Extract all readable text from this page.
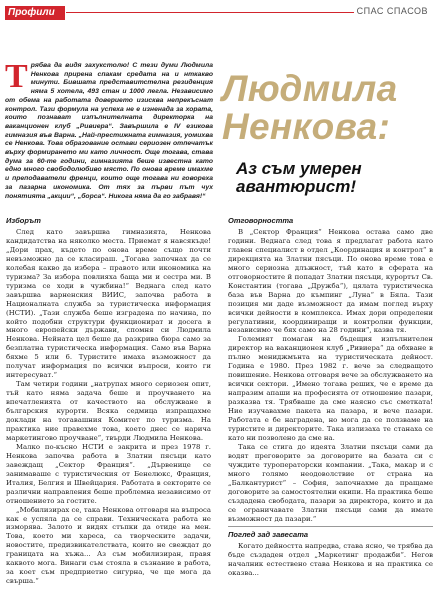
Профили	СПАС СПАСОВ
Трябва да видя захукстолю! С тези думи Людмила Ненкова прирена спакам средата на и нткакво минути. Бившата представитстелна резиденция няма 5 хотела, 493 стан и 1000 легла. Независимо от обема на работата доверието изисква непрекъснат контрол. Тази формула на успеха не е изненада за хората, които познават изпълнителната директорка на ваканционен клуб „Ривиера“. Завършила е IV езикова гимназия във Варна. „Най-престижната гимназия, уомихва се Ненкова. Това образование остави сериозен отпечатък върху формирането ми като личност. Още тогава, става дума за 60-те години, гимназията беше известна като едно много свободолюбиво място. По онова време имахме и преподаватели френци, които още тогава ни говореха за пазарна икономика. От тях за първи път чух понятията „акции“, „борса“. Никога няма да го забравя!“
Людмила Ненкова:
Аз съм умерен авантюрист!
Изборът

След като завършва гимназията, Ненкова кандидатства на няколко места. Приемат я навсякъде! „Дори прах, където по онова време също почти невъзможно да се класираш. „Тогава започнах да се колебая какво да избера – правото или икономика на туризма? За избора повлияха баща ми и сестра ми. В туризма се ходи в чужбина!“ Веднага след като завършва варненския ВИИС, започва работа в Националната служба за туристическа информация (НСТИ). „Тази служба беше изградена по начина, по който подобни структури функционират и досега в много европейски държави, спомня си Людмила Ненкова. Нейната цел беше да разкрива бюра само за безплатна туристическа информация. Само във Варна бяхме 5 или 6. Туристите имаха възможност да получат информация по всички въпроси, които ги интересуват.“

Там четири години „натрупах много сериозен опит, тъй като няма задача беше и проучването на впечатленията от качеството на обслужване в българския курорти. Всяка седмица изпращахме доклади на тогавашния Комитет по туризма. На практика ние правехме това, което днес се нарича маркетингово проучване“, твърди Людмила Ненкова.

Малко по-късно НСТИ е закрита и през 1978 г. Ненкова започва работа в Златни пясъци като завеждащ „Сектор Франция“. „Дървенице се занимаваше с туристическия от Бенелюкс, Франция, Италия, Белгия и Швейцария. Работата в секторите се различни направления беше проблемна независимо от отношението за гостите.

„Мобилизирах се, така Ненкова отговаря на въпроса как е успяла да се справи. Техническата работа не изморява. Залото и видях стъпки да отиде на мен. Това, което ми хареса, са творческите задачи, новостите, предизвикателствата, които не свеждат до границата на хъжа... Аз съм мобилизиран, правя каквото мога. Винаги съм стояла в съзнание в работа, за коет съм предприетно сигурна, че ще мога да свърша.“

Отговорността

В „Сектор Франция“ Ненкова остава само две години. Веднага след това я предлагат работа като главен специалист в отдел „Координация и контрол“ в дирекцията на Златни пясъци. По онова време това е много сериозна длъжност, тъй като в сферата на отговорностите й попадат Златни пясъци, курортът Св. Константин (тогава „Дружба“), цялата туристическа база във Варна до къмпинг „Луна“ в Бяла. Тази позиция ми даде възможност да имам поглед върху всички дейности в комплекса. Имах дори определени регулативни, координиращи и контролни функции, независимо че бях само на 28 години“, казва тя.

Големият помаган на бъдещия изпълнителен директор на ваканционен клуб „Ривиера“ да обхване в пълно мениджмънта на туристическата дейност. Година е 1980. През 1982 г. вече за следващото повишение. Ненкова отговаря вече за обслужването на всички сектори. „Имено тогава реших, че е време да напразим апаши на професията от отношение пазари, разказва тя. Трябваше да сме наясно със сметката! Ние изучавахме пакета на пазара, и вече пазари. Работата е бе наградена, но мога да се ползваме на туристите и директорите. Така излизаха те станаха се като ни позволено да сме на.

Така се стига до идеята Златни пясъци сами да водят преговорите за договорите на базата си с чуждите туроператорски компании. „Така, макар и с много голямо неодоволствие от страна на „Балкантурист“ – София, започнахме да пращаме договорите за самостоятелни екипи. На практика беше създадена свободата, пазари за директора, които и да се ограничавате Златни пясъци сами да имате възможност да пазари.“

Поглед зад завесата

Когато дейността напредва, става ясно, че трябва да бъде създаден отдел „Маркетинг продажби“. Негов началник естествено става Ненкова и на практика се оказва...
